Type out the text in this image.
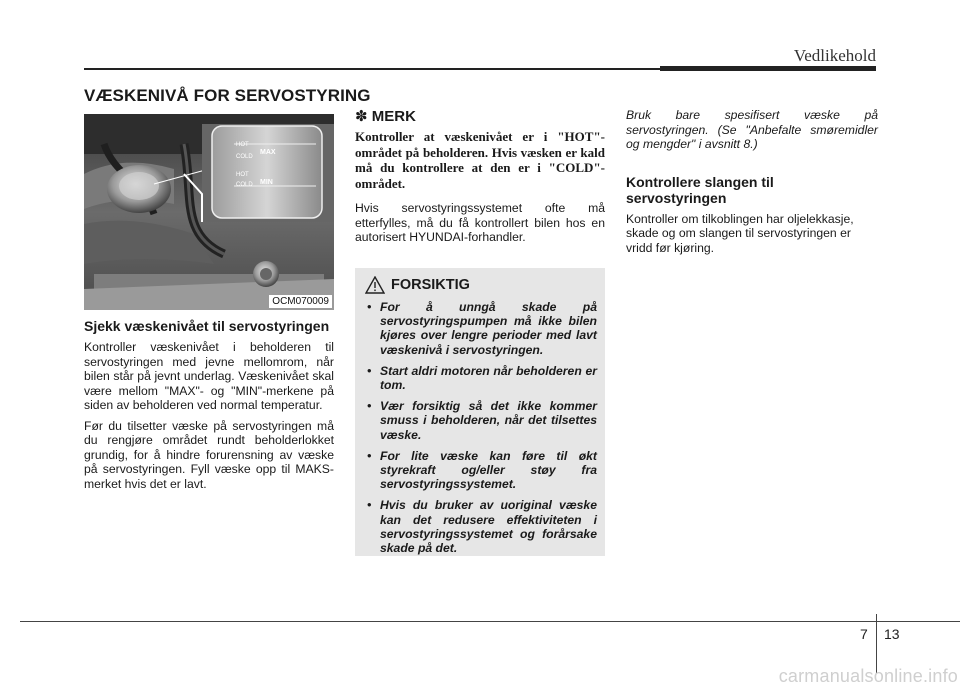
Vedlikehold
VÆSKENIVÅ FOR SERVOSTYRING
HOT
COLD
MAX
HOT
COLD MIN
OCM070009
Sjekk væskenivået til servostyringen

Kontroller væskenivået i beholderen til servostyringen med jevne mellomrom, når bilen står på jevnt underlag. Væskenivået skal være mellom "MAX"- og "MIN"-merkene på siden av beholderen ved normal temperatur.

Før du tilsetter væske på servostyringen må du rengjøre området rundt beholderlokket grundig, for å hindre forurensning av væske på servostyringen. Fyll væske opp til MAKS-merket hvis det er lavt.

✽ MERK

Kontroller at væskenivået er i "HOT"-området på beholderen. Hvis væsken er kald må du kontrollere at den er i "COLD"-området.

Hvis servostyringssystemet ofte må etterfylles, må du få kontrollert bilen hos en autorisert HYUNDAI-forhandler.

FORSIKTIG
• For å unngå skade på servostyringspumpen må ikke bilen kjøres over lengre perioder med lavt væskenivå i servostyringen.
• Start aldri motoren når beholderen er tom.
• Vær forsiktig så det ikke kommer smuss i beholderen, når det tilsettes væske.
• For lite væske kan føre til økt styrekraft og/eller støy fra servostyringssystemet.
• Hvis du bruker av uoriginal væske kan det redusere effektiviteten i servostyringssystemet og forårsake skade på det.

Bruk bare spesifisert væske på servostyringen. (Se "Anbefalte smøremidler og mengder" i avsnitt 8.)

Kontrollere slangen til servostyringen

Kontroller om tilkoblingen har oljelekkasje, skade og om slangen til servostyringen er vridd før kjøring.

7 13
carmanualsonline.info
